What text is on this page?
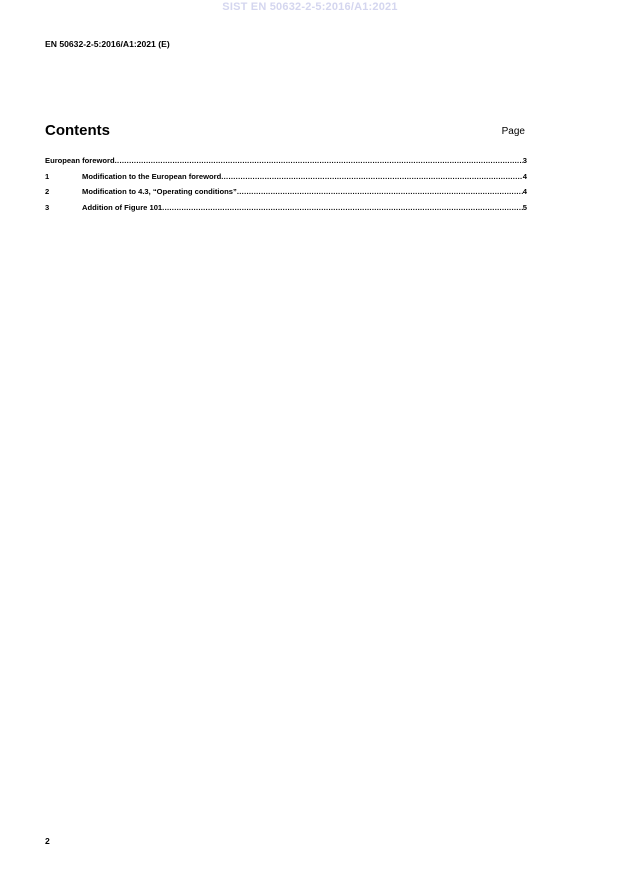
SIST EN 50632-2-5:2016/A1:2021
EN 50632-2-5:2016/A1:2021 (E)
Contents	Page
European foreword .....	3
1	Modification to the European foreword .....	4
2	Modification to 4.3, “Operating conditions” .....	4
3	Addition of Figure 101 .....	5
2
